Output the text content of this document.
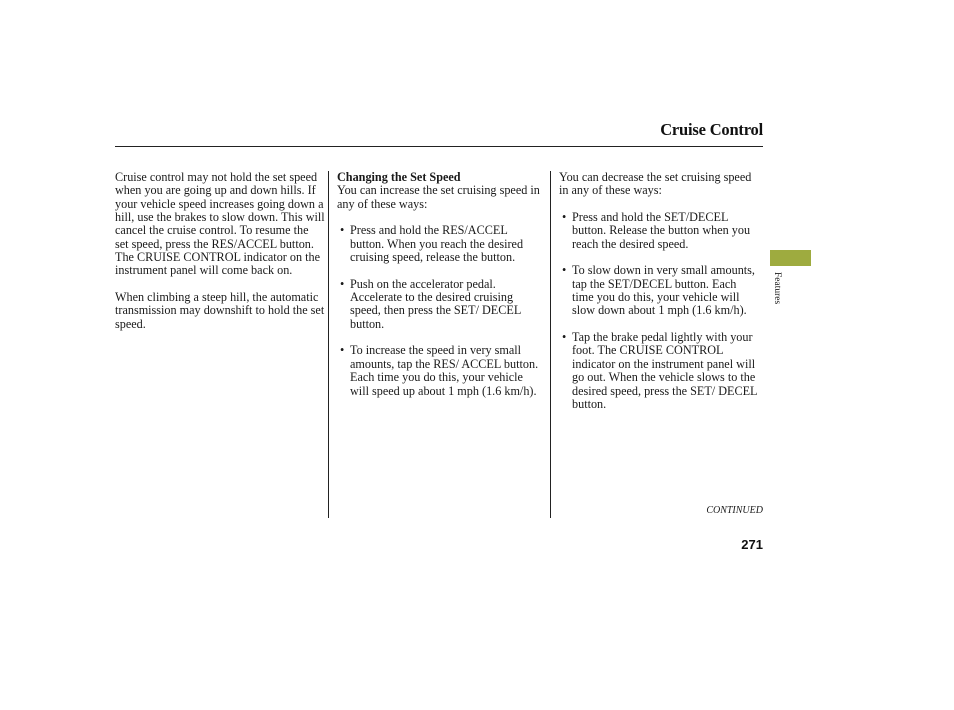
Cruise Control

Cruise control may not hold the set speed when you are going up and down hills. If your vehicle speed increases going down a hill, use the brakes to slow down. This will cancel the cruise control. To resume the set speed, press the RES/ACCEL button. The CRUISE CONTROL indicator on the instrument panel will come back on.

When climbing a steep hill, the automatic transmission may downshift to hold the set speed.

Changing the Set Speed

You can increase the set cruising speed in any of these ways:

• Press and hold the RES/ACCEL button. When you reach the desired cruising speed, release the button.
• Push on the accelerator pedal. Accelerate to the desired cruising speed, then press the SET/ DECEL button.
• To increase the speed in very small amounts, tap the RES/ ACCEL button. Each time you do this, your vehicle will speed up about 1 mph (1.6 km/h).

You can decrease the set cruising speed in any of these ways:

• Press and hold the SET/DECEL button. Release the button when you reach the desired speed.
• To slow down in very small amounts, tap the SET/DECEL button. Each time you do this, your vehicle will slow down about 1 mph (1.6 km/h).
• Tap the brake pedal lightly with your foot. The CRUISE CONTROL indicator on the instrument panel will go out. When the vehicle slows to the desired speed, press the SET/ DECEL button.
Features
CONTINUED
271
